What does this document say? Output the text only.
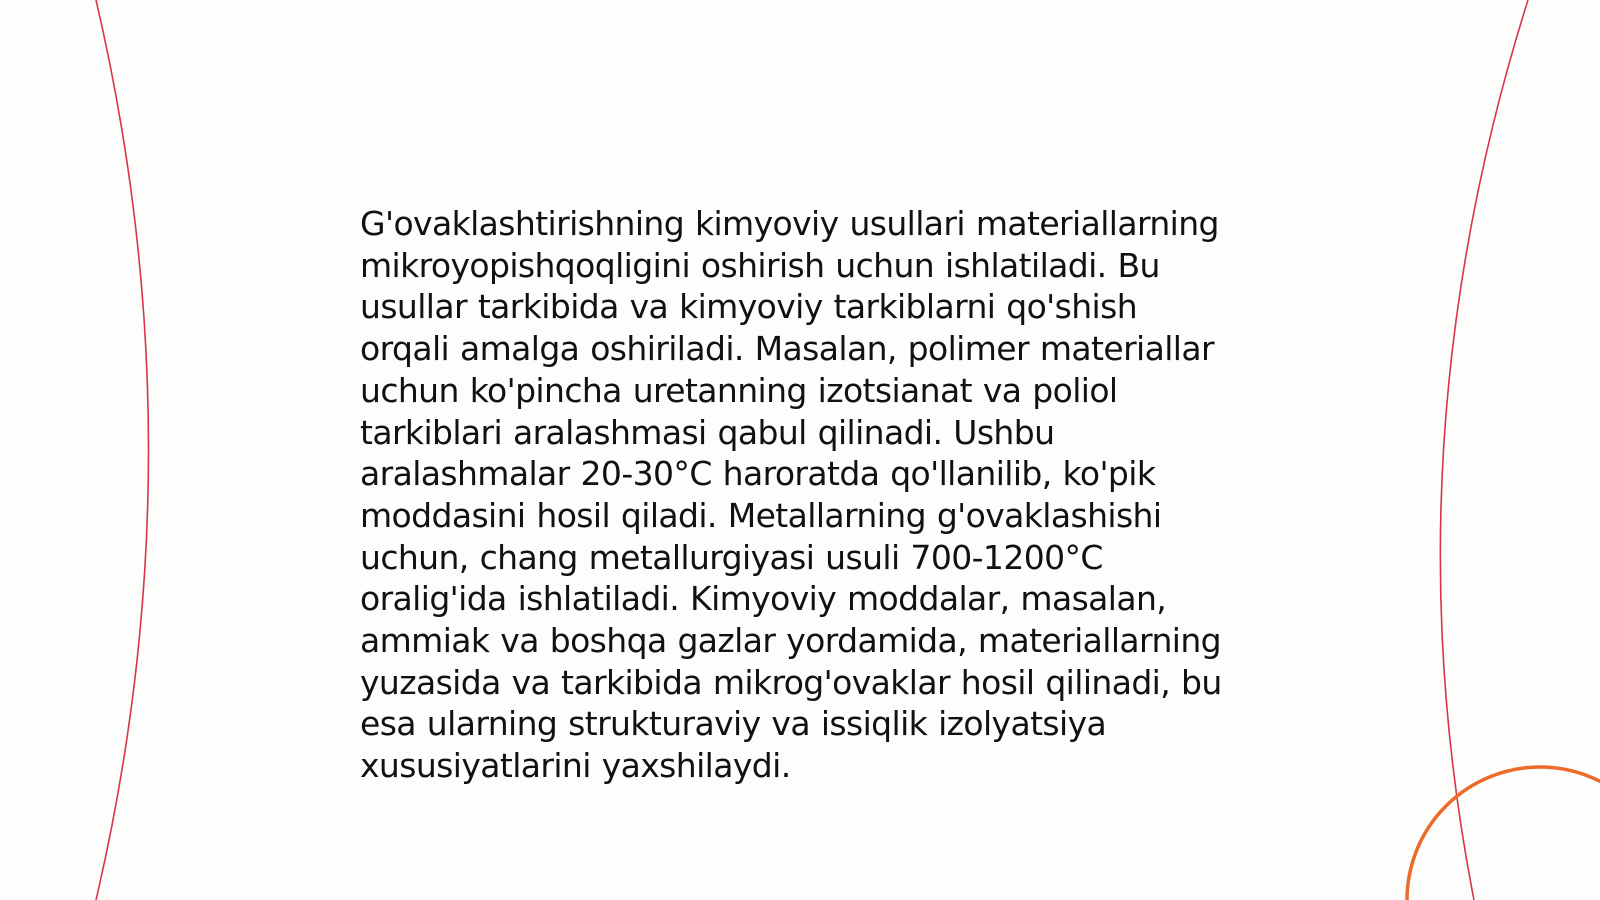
G'ovaklashtirishning kimyoviy usullari materiallarning
mikroyopishqoqligini oshirish uchun ishlatiladi. Bu
usullar tarkibida va kimyoviy tarkiblarni qo'shish
orqali amalga oshiriladi. Masalan, polimer materiallar
uchun ko'pincha uretanning izotsianat va poliol
tarkiblari aralashmasi qabul qilinadi. Ushbu
aralashmalar 20-30°C haroratda qo'llanilib, ko'pik
moddasini hosil qiladi. Metallarning g'ovaklashishi
uchun, chang metallurgiyasi usuli 700-1200°C
oralig'ida ishlatiladi. Kimyoviy moddalar, masalan,
ammiak va boshqa gazlar yordamida, materiallarning
yuzasida va tarkibida mikrog'ovaklar hosil qilinadi, bu
esa ularning strukturaviy va issiqlik izolyatsiya
xususiyatlarini yaxshilaydi.
